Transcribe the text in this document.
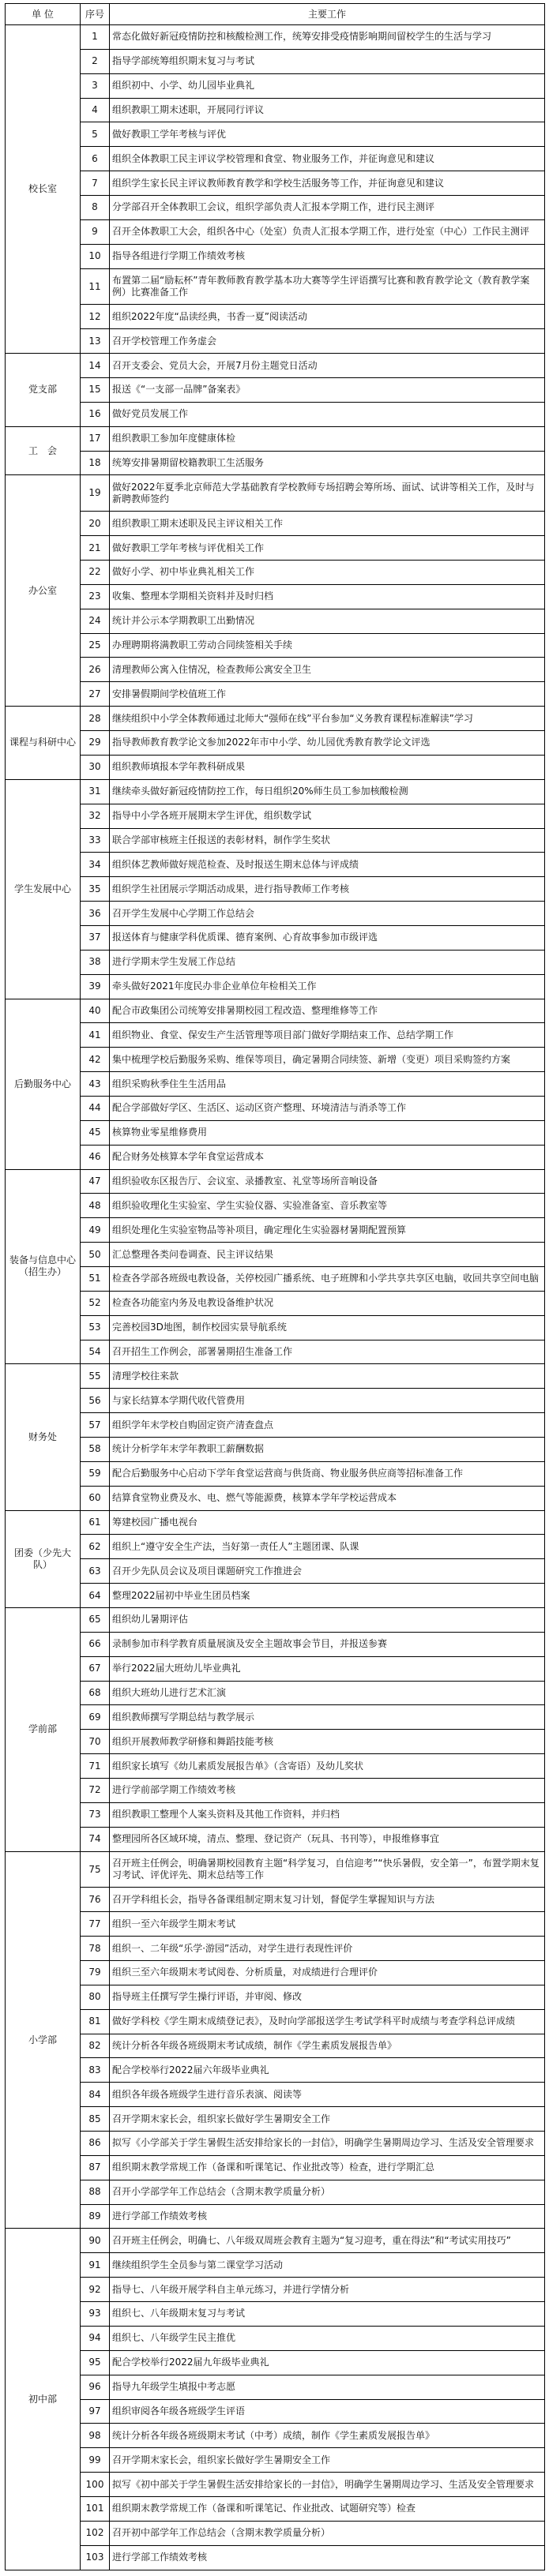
单 位	序号	主要工作
校长室	1	常态化做好新冠疫情防控和核酸检测工作，统筹安排受疫情影响期间留校学生的生活与学习
	2	指导学部统筹组织期末复习与考试
	3	组织初中、小学、幼儿园毕业典礼
	4	组织教职工期末述职，开展同行评议
	5	做好教职工学年考核与评优
	6	组织全体教职工民主评议学校管理和食堂、物业服务工作，并征询意见和建议
	7	组织学生家长民主评议教师教育教学和学校生活服务等工作，并征询意见和建议
	8	分学部召开全体教职工会议，组织学部负责人汇报本学期工作，进行民主测评
	9	召开全体教职工大会，组织各中心（处室）负责人汇报本学期工作，进行处室（中心）工作民主测评
	10	指导各组进行学期工作绩效考核
	11	布置第二届“励耘杯”青年教师教育教学基本功大赛等学生评语撰写比赛和教育教学论文（教育教学案例）比赛准备工作
	12	组织2022年度“品读经典，书香一夏”阅读活动
	13	召开学校管理工作务虚会
党支部	14	召开支委会、党员大会，开展7月份主题党日活动
	15	报送《“一支部一品牌”备案表》
	16	做好党员发展工作
工　会	17	组织教职工参加年度健康体检
	18	统筹安排暑期留校籍教职工生活服务
办公室	19	做好2022年夏季北京师范大学基础教育学校教师专场招聘会筹所场、面试、试讲等相关工作，及时与新聘教师签约
	20	组织教职工期末述职及民主评议相关工作
	21	做好教职工学年考核与评优相关工作
	22	做好小学、初中毕业典礼相关工作
	23	收集、整理本学期相关资料并及时归档
	24	统计并公示本学期教职工出勤情况
	25	办理聘期将满教职工劳动合同续签相关手续
	26	清理教师公寓入住情况，检查教师公寓安全卫生
	27	安排暑假期间学校值班工作
课程与科研中心	28	继续组织中小学全体教师通过北师大“强师在线”平台参加“义务教育课程标准解读”学习
	29	指导教师教育教学论文参加2022年市中小学、幼儿园优秀教育教学论文评选
	30	组织教师填报本学年教科研成果
学生发展中心	31	继续牵头做好新冠疫情防控工作，每日组织20%师生员工参加核酸检测
	32	指导中小学各班开展期末学生评优，组织数学试
	33	联合学部审核班主任报送的表彰材料，制作学生奖状
	34	组织体艺教师做好规范检查、及时报送生期末总体与评成绩
	35	组织学生社团展示学期活动成果，进行指导教师工作考核
	36	召开学生发展中心学期工作总结会
	37	报送体育与健康学科优质课、德育案例、心育故事参加市级评选
	38	进行学期末学生发展工作总结
	39	牵头做好2021年度民办非企业单位年检相关工作
后勤服务中心	40	配合市政集团公司统筹安排暑期校园工程改造、整理维修等工作
	41	组织物业、食堂、保安生产生活管理等项目部门做好学期结束工作、总结学期工作
	42	集中梳理学校后勤服务采购、维保等项目，确定暑期合同续签、新增（变更）项目采购签约方案
	43	组织采购秋季住生生活用品
	44	配合学部做好学区、生活区、运动区资产整理、环境清洁与消杀等工作
	45	核算物业零星维修费用
	46	配合财务处核算本学年食堂运营成本
装备与信息中心（招生办）	47	组织验收东区报告厅、会议室、录播教室、礼堂等场所音响设备
	48	组织验收理化生实验室、学生实验仪器、实验准备室、音乐教室等
	49	组织处理化生实验室物品等补项目，确定理化生实验器材暑期配置预算
	50	汇总整理各类问卷调查、民主评议结果
	51	检查各学部各班级电教设备，关停校园广播系统、电子班牌和小学共享共享区电脑，收回共享空间电脑
	52	检查各功能室内务及电教设备维护状况
	53	完善校园3D地图，制作校园实景导航系统
	54	召开招生工作例会，部署暑期招生准备工作
财务处	55	清理学校往来款
	56	与家长结算本学期代收代管费用
	57	组织学年末学校自购固定资产清查盘点
	58	统计分析学年末学年教职工薪酬数据
	59	配合后勤服务中心启动下学年食堂运营商与供货商、物业服务供应商等招标准备工作
	60	结算食堂物业费及水、电、燃气等能源费，核算本学年学校运营成本
团委（少先大队）	61	筹建校园广播电视台
	62	组织上“遵守安全生产法，当好第一责任人”主题团课、队课
	63	召开少先队员会议及项目课题研究工作推进会
	64	整理2022届初中毕业生团员档案
学前部	65	组织幼儿暑期评估
	66	录制参加市科学教育质量展演及安全主题故事会节目，并报送参赛
	67	举行2022届大班幼儿毕业典礼
	68	组织大班幼儿进行艺术汇演
	69	组织教师撰写学期总结与教学展示
	70	组织开展教师教学研修和舞蹈技能考核
	71	组织家长填写《幼儿素质发展报告单》（含寄语）及幼儿奖状
	72	进行学前部学期工作绩效考核
	73	组织教职工整理个人案头资料及其他工作资料，并归档
	74	整理园所各区域环境，清点、整理、登记资产（玩具、书刊等），申报维修事宜
小学部	75	召开班主任例会，明确暑期校园教育主题“科学复习，自信迎考”“快乐暑假，安全第一”，布置学期末复习考试、评优评先、期末总结等工作
	76	召开学科组长会，指导各备课组制定期末复习计划，督促学生掌握知识与方法
	77	组织一至六年级学生期末考试
	78	组织一、二年级“乐学·游园”活动，对学生进行表现性评价
	79	组织三至六年级期末考试阅卷、分析质量，对成绩进行合理评价
	80	指导班主任撰写学生操行评语，并审阅、修改
	81	做好学科校《学生期末成绩登记表》，及时向学部报送学生考试学科平时成绩与考查学科总评成绩
	82	统计分析各年级各班级期末考试成绩，制作《学生素质发展报告单》
	83	配合学校举行2022届六年级毕业典礼
	84	组织各年级各班级学生进行音乐表演、阅读等
	85	召开学期末家长会，组织家长做好学生暑期安全工作
	86	拟写《小学部关于学生暑假生活安排给家长的一封信》，明确学生暑期周边学习、生活及安全管理要求
	87	组织期末教学常规工作（备课和听课笔记、作业批改等）检查，进行学期汇总
	88	召开小学部学年工作总结会（含期末教学质量分析）
	89	进行学部工作绩效考核
初中部	90	召开班主任例会，明确七、八年级双周班会教育主题为“复习迎考，重在得法”和“考试实用技巧”
	91	继续组织学生全员参与第二课堂学习活动
	92	指导七、八年级开展学科自主单元练习，并进行学情分析
	93	组织七、八年级期末复习与考试
	94	组织七、八年级学生民主推优
	95	配合学校举行2022届九年级毕业典礼
	96	指导九年级学生填报中考志愿
	97	组织审阅各年级各班级学生评语
	98	统计分析各年级各班级期末考试（中考）成绩，制作《学生素质发展报告单》
	99	召开学期末家长会，组织家长做好学生暑期安全工作
	100	拟写《初中部关于学生暑假生活安排给家长的一封信》，明确学生暑期周边学习、生活及安全管理要求
	101	组织期末教学常规工作（备课和听课笔记、作业批改、试题研究等）检查
	102	召开初中部学年工作总结会（含期末教学质量分析）
	103	进行学部工作绩效考核
